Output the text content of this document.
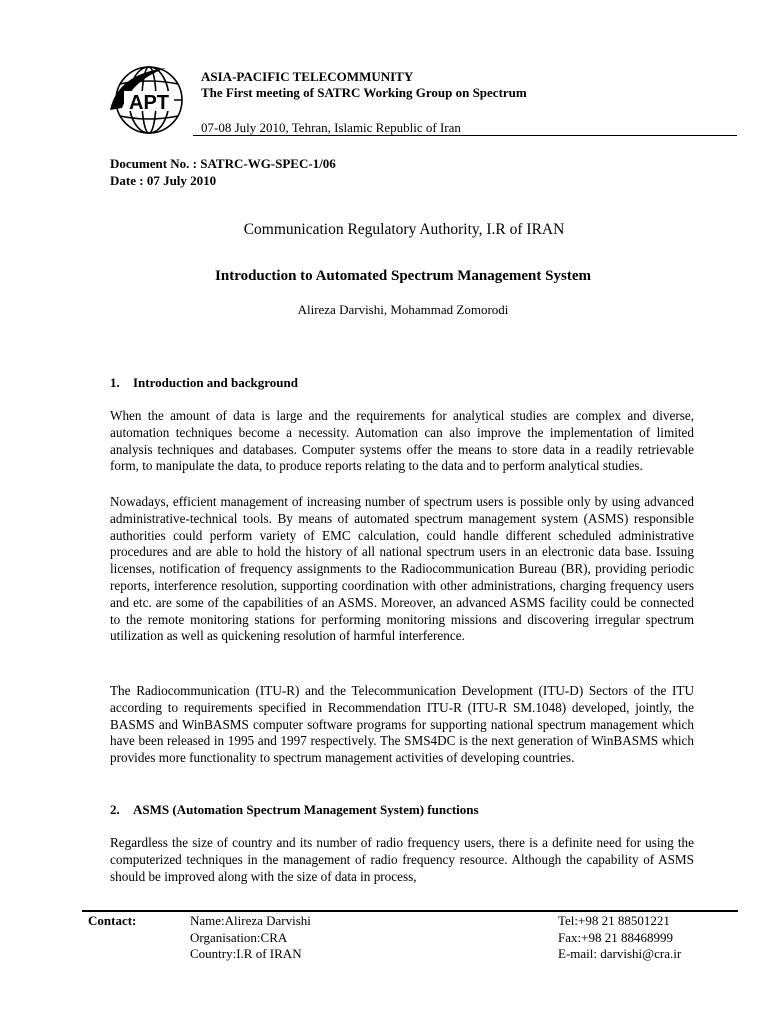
APT
ASIA-PACIFIC TELECOMMUNITY
The First meeting of SATRC Working Group on Spectrum
07-08 July 2010, Tehran, Islamic Republic of Iran
Document No. : SATRC-WG-SPEC-1/06
Date : 07 July 2010
Communication Regulatory Authority, I.R of IRAN
Introduction to Automated Spectrum Management System
Alireza Darvishi, Mohammad Zomorodi
1. Introduction and background
When the amount of data is large and the requirements for analytical studies are complex and diverse, automation techniques become a necessity. Automation can also improve the implementation of limited analysis techniques and databases. Computer systems offer the means to store data in a readily retrievable form, to manipulate the data, to produce reports relating to the data and to perform analytical studies.
Nowadays, efficient management of increasing number of spectrum users is possible only by using advanced administrative-technical tools. By means of automated spectrum management system (ASMS) responsible authorities could perform variety of EMC calculation, could handle different scheduled administrative procedures and are able to hold the history of all national spectrum users in an electronic data base. Issuing licenses, notification of frequency assignments to the Radiocommunication Bureau (BR), providing periodic reports, interference resolution, supporting coordination with other administrations, charging frequency users and etc. are some of the capabilities of an ASMS. Moreover, an advanced ASMS facility could be connected to the remote monitoring stations for performing monitoring missions and discovering irregular spectrum utilization as well as quickening resolution of harmful interference.
The Radiocommunication (ITU-R) and the Telecommunication Development (ITU-D) Sectors of the ITU according to requirements specified in Recommendation ITU-R (ITU-R SM.1048) developed, jointly, the BASMS and WinBASMS computer software programs for supporting national spectrum management which have been released in 1995 and 1997 respectively. The SMS4DC is the next generation of WinBASMS which provides more functionality to spectrum management activities of developing countries.
2. ASMS (Automation Spectrum Management System) functions
Regardless the size of country and its number of radio frequency users, there is a definite need for using the computerized techniques in the management of radio frequency resource. Although the capability of ASMS should be improved along with the size of data in process,
Contact:	Name:Alireza Darvishi
Organisation:CRA
Country:I.R of IRAN
Tel:+98 21 88501221
Fax:+98 21 88468999
E-mail: darvishi@cra.ir
